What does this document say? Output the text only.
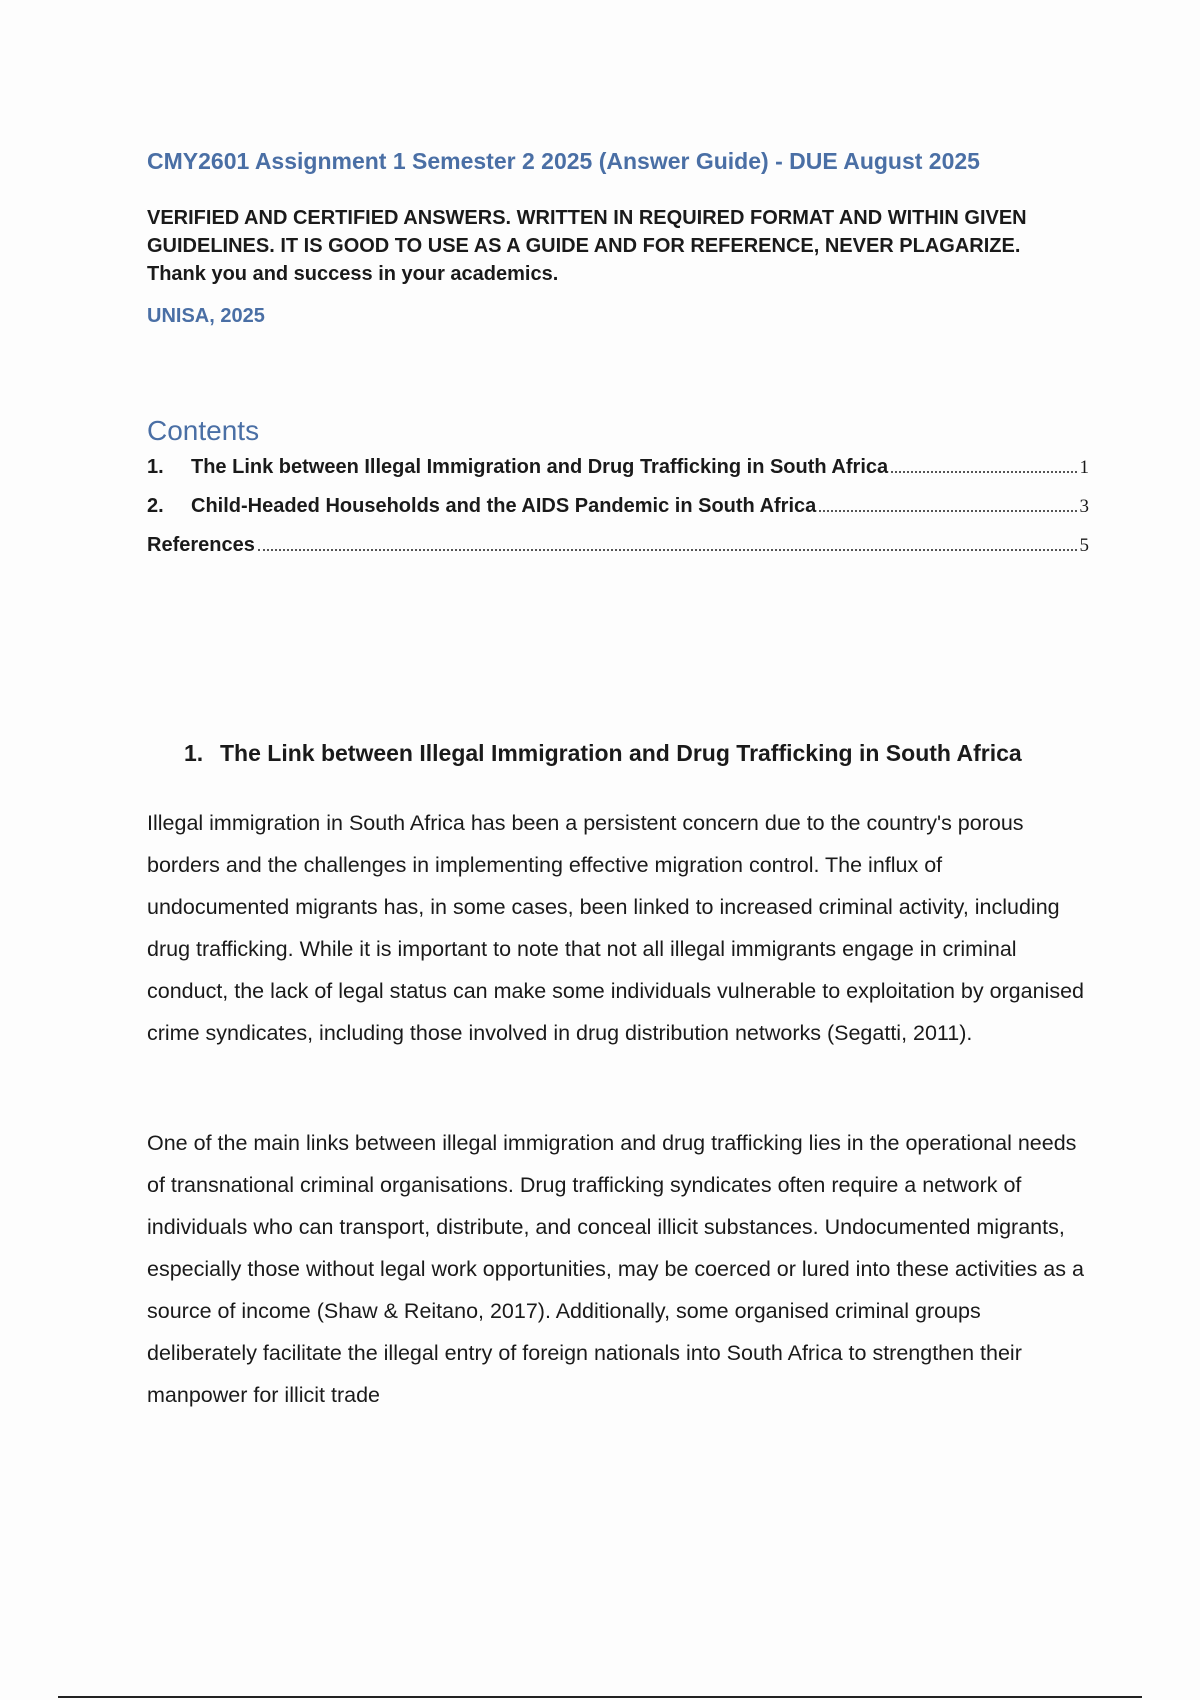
CMY2601 Assignment 1 Semester 2 2025 (Answer Guide) - DUE August 2025
VERIFIED AND CERTIFIED ANSWERS. WRITTEN IN REQUIRED FORMAT AND WITHIN GIVEN GUIDELINES. IT IS GOOD TO USE AS A GUIDE AND FOR REFERENCE, NEVER PLAGARIZE. Thank you and success in your academics.
UNISA, 2025
Contents
1.	The Link between Illegal Immigration and Drug Trafficking in South Africa	1
2.	Child-Headed Households and the AIDS Pandemic in South Africa	3
References	5
1. The Link between Illegal Immigration and Drug Trafficking in South Africa

Illegal immigration in South Africa has been a persistent concern due to the country's porous borders and the challenges in implementing effective migration control. The influx of undocumented migrants has, in some cases, been linked to increased criminal activity, including drug trafficking. While it is important to note that not all illegal immigrants engage in criminal conduct, the lack of legal status can make some individuals vulnerable to exploitation by organised crime syndicates, including those involved in drug distribution networks (Segatti, 2011).

One of the main links between illegal immigration and drug trafficking lies in the operational needs of transnational criminal organisations. Drug trafficking syndicates often require a network of individuals who can transport, distribute, and conceal illicit substances. Undocumented migrants, especially those without legal work opportunities, may be coerced or lured into these activities as a source of income (Shaw & Reitano, 2017). Additionally, some organised criminal groups deliberately facilitate the illegal entry of foreign nationals into South Africa to strengthen their manpower for illicit trade
